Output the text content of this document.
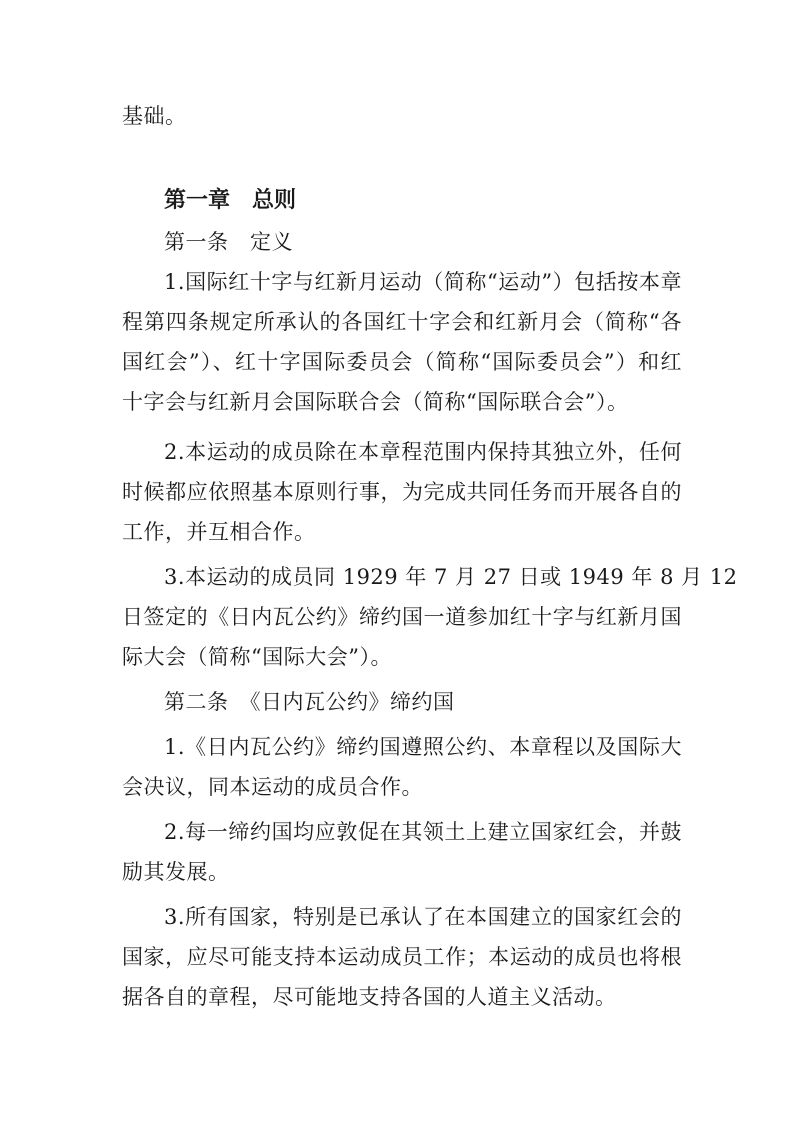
基础。
第一章　总则
第一条　定义
1.国际红十字与红新月运动（简称“运动”）包括按本章
程第四条规定所承认的各国红十字会和红新月会（简称“各
国红会”）、红十字国际委员会（简称“国际委员会”）和红
十字会与红新月会国际联合会（简称“国际联合会”）。
2.本运动的成员除在本章程范围内保持其独立外，任何
时候都应依照基本原则行事，为完成共同任务而开展各自的
工作，并互相合作。
3.本运动的成员同 1929 年 7 月 27 日或 1949 年 8 月 12
日签定的《日内瓦公约》缔约国一道参加红十字与红新月国
际大会（简称“国际大会”）。
第二条　《日内瓦公约》缔约国
1.《日内瓦公约》缔约国遵照公约、本章程以及国际大
会决议，同本运动的成员合作。
2.每一缔约国均应敦促在其领土上建立国家红会，并鼓
励其发展。
3.所有国家，特别是已承认了在本国建立的国家红会的
国家，应尽可能支持本运动成员工作；本运动的成员也将根
据各自的章程，尽可能地支持各国的人道主义活动。
